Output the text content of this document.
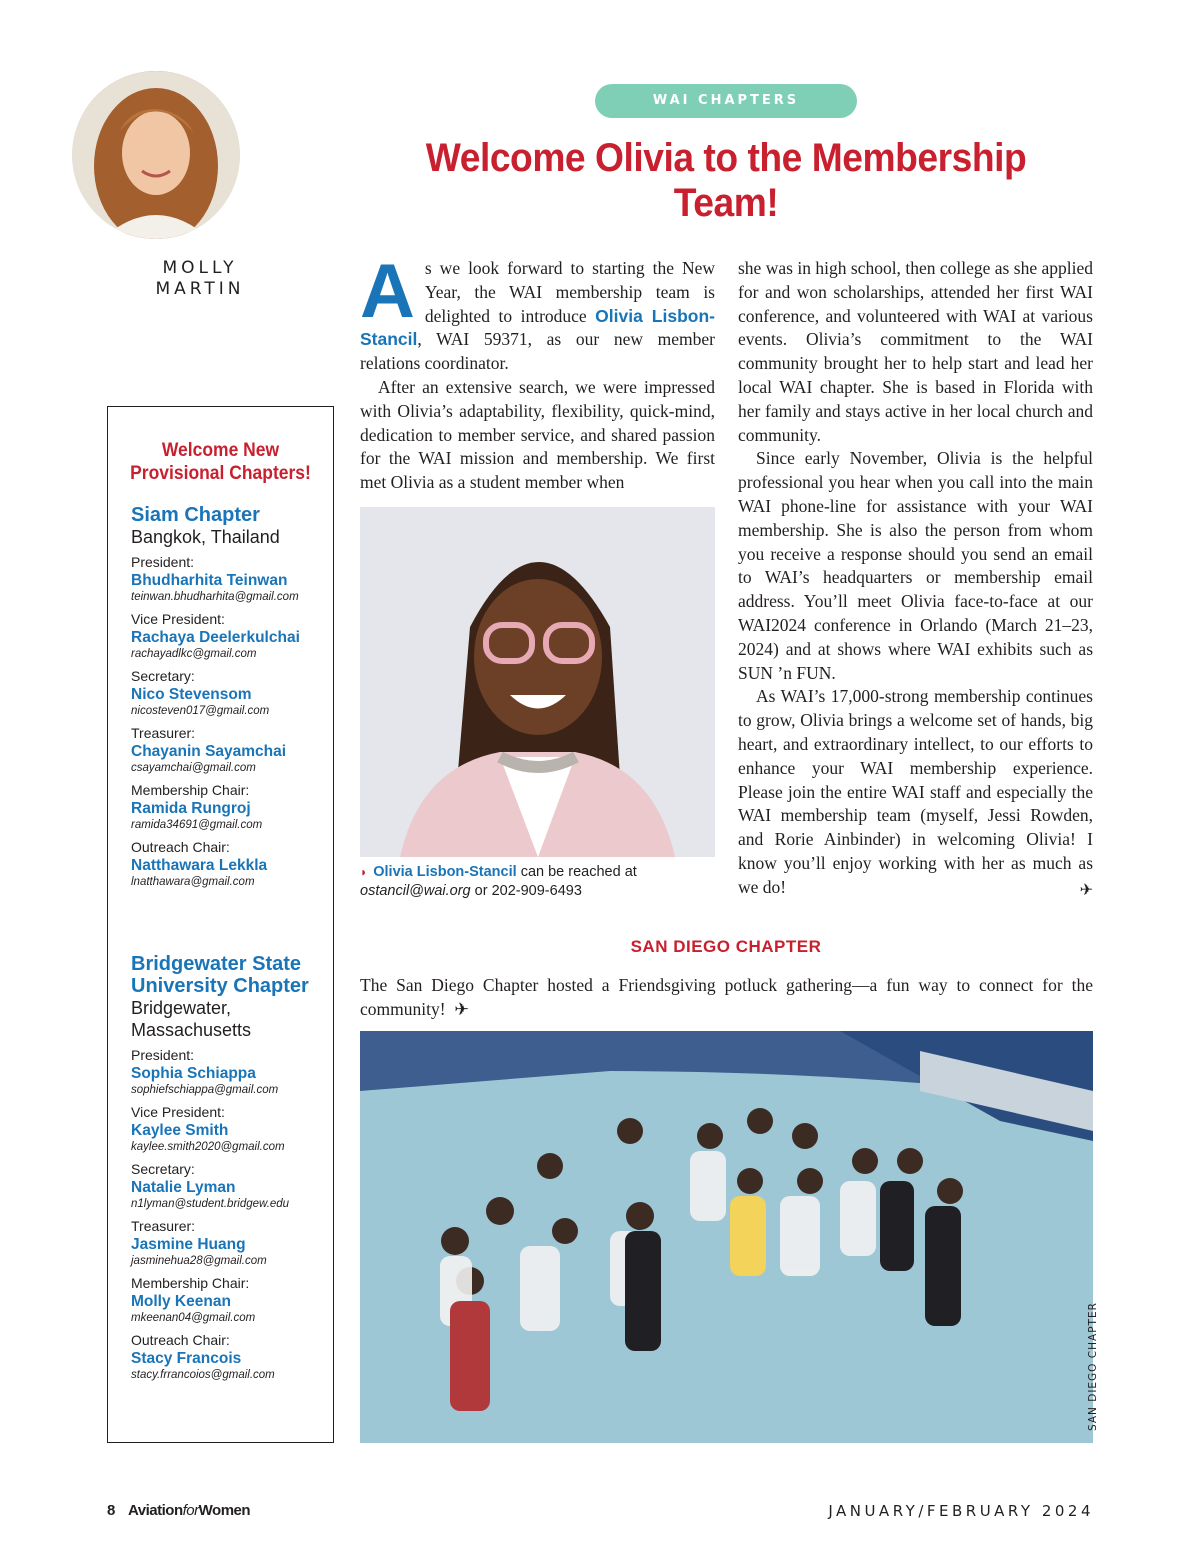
MOLLY
MARTIN
WAI CHAPTERS
Welcome Olivia to the Membership Team!

As we look forward to starting the New Year, the WAI membership team is delighted to introduce Olivia Lisbon-Stancil, WAI 59371, as our new member relations coordinator.

After an extensive search, we were impressed with Olivia’s adaptability, flexibility, quick-mind, dedication to member service, and shared passion for the WAI mission and membership. We first met Olivia as a student member when

◗ Olivia Lisbon-Stancil can be reached at
ostancil@wai.org or 202-909-6493

she was in high school, then college as she applied for and won scholarships, attended her first WAI conference, and volunteered with WAI at various events. Olivia’s commitment to the WAI community brought her to help start and lead her local WAI chapter. She is based in Florida with her family and stays active in her local church and community.

Since early November, Olivia is the helpful professional you hear when you call into the main WAI phone-line for assistance with your WAI membership. She is also the person from whom you receive a response should you send an email to WAI’s headquarters or membership email address. You’ll meet Olivia face-to-face at our WAI2024 conference in Orlando (March 21–23, 2024) and at shows where WAI exhibits such as SUN ’n FUN.

As WAI’s 17,000-strong membership continues to grow, Olivia brings a welcome set of hands, big heart, and extraordinary intellect, to our efforts to enhance your WAI membership experience. Please join the entire WAI staff and especially the WAI membership team (myself, Jessi Rowden, and Rorie Ainbinder) in welcoming Olivia! I know you’ll enjoy working with her as much as we do!	✈
SAN DIEGO CHAPTER
The San Diego Chapter hosted a Friendsgiving potluck gathering—a fun way to connect for the community! ✈
SAN DIEGO CHAPTER
Welcome New
Provisional Chapters!
Siam Chapter
Bangkok, Thailand
President:
Bhudharhita Teinwan
teinwan.bhudharhita@gmail.com
Vice President:
Rachaya Deelerkulchai
rachayadlkc@gmail.com
Secretary:
Nico Stevensom
nicosteven017@gmail.com
Treasurer:
Chayanin Sayamchai
csayamchai@gmail.com
Membership Chair:
Ramida Rungroj
ramida34691@gmail.com
Outreach Chair:
Natthawara Lekkla
lnatthawara@gmail.com
Bridgewater State University Chapter
Bridgewater, Massachusetts
President:
Sophia Schiappa
sophiefschiappa@gmail.com
Vice President:
Kaylee Smith
kaylee.smith2020@gmail.com
Secretary:
Natalie Lyman
n1lyman@student.bridgew.edu
Treasurer:
Jasmine Huang
jasminehua28@gmail.com
Membership Chair:
Molly Keenan
mkeenan04@gmail.com
Outreach Chair:
Stacy Francois
stacy.frrancoios@gmail.com
8 AviationforWomen	JANUARY/FEBRUARY 2024
